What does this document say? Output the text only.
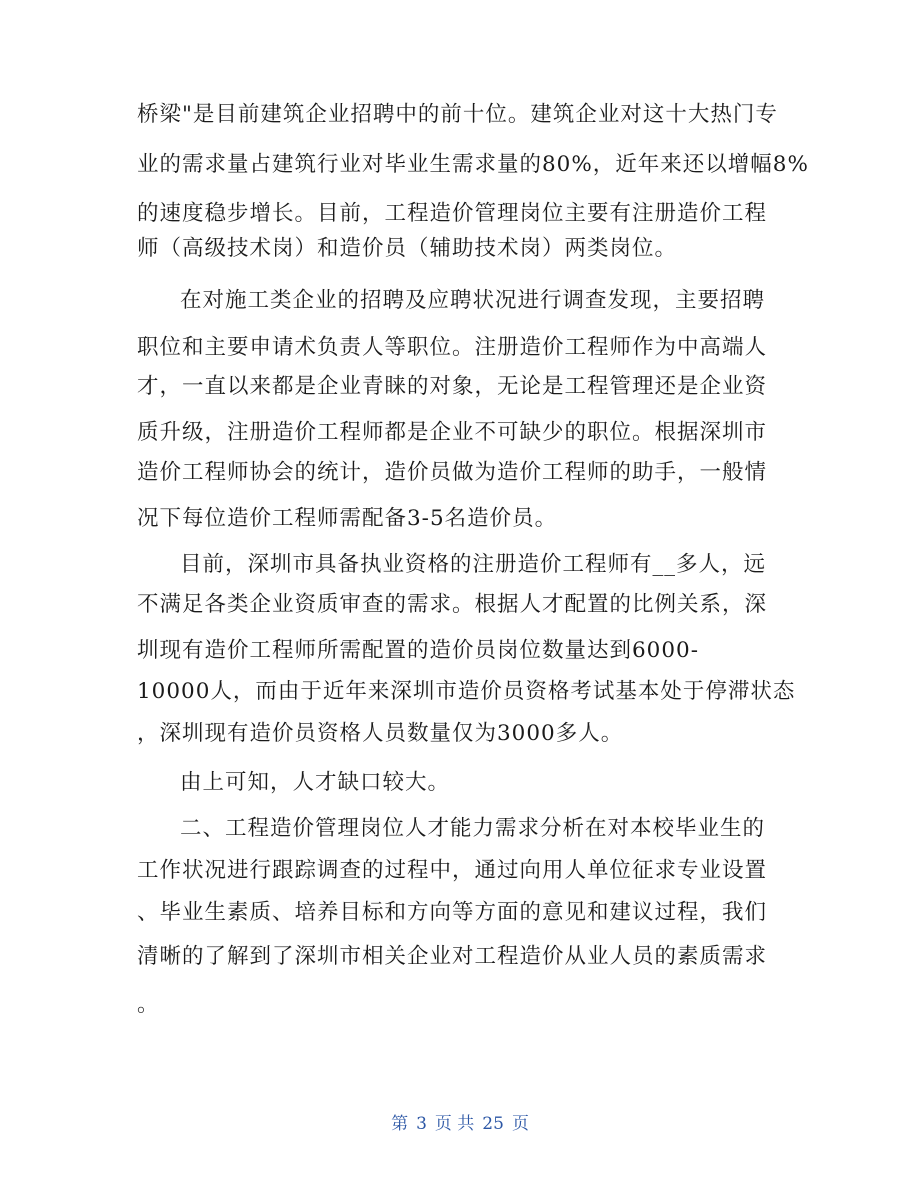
桥梁"是目前建筑企业招聘中的前十位。建筑企业对这十大热门专
业的需求量占建筑行业对毕业生需求量的80%，近年来还以增幅8%
的速度稳步增长。目前，工程造价管理岗位主要有注册造价工程
师（高级技术岗）和造价员（辅助技术岗）两类岗位。
在对施工类企业的招聘及应聘状况进行调查发现，主要招聘
职位和主要申请术负责人等职位。注册造价工程师作为中高端人
才，一直以来都是企业青睐的对象，无论是工程管理还是企业资
质升级，注册造价工程师都是企业不可缺少的职位。根据深圳市
造价工程师协会的统计，造价员做为造价工程师的助手，一般情
况下每位造价工程师需配备3-5名造价员。
目前，深圳市具备执业资格的注册造价工程师有__多人，远
不满足各类企业资质审查的需求。根据人才配置的比例关系，深
圳现有造价工程师所需配置的造价员岗位数量达到6000-
10000人，而由于近年来深圳市造价员资格考试基本处于停滞状态
，深圳现有造价员资格人员数量仅为3000多人。
由上可知，人才缺口较大。
二、工程造价管理岗位人才能力需求分析在对本校毕业生的
工作状况进行跟踪调查的过程中，通过向用人单位征求专业设置
、毕业生素质、培养目标和方向等方面的意见和建议过程，我们
清晰的了解到了深圳市相关企业对工程造价从业人员的素质需求
。
第 3 页 共 25 页
